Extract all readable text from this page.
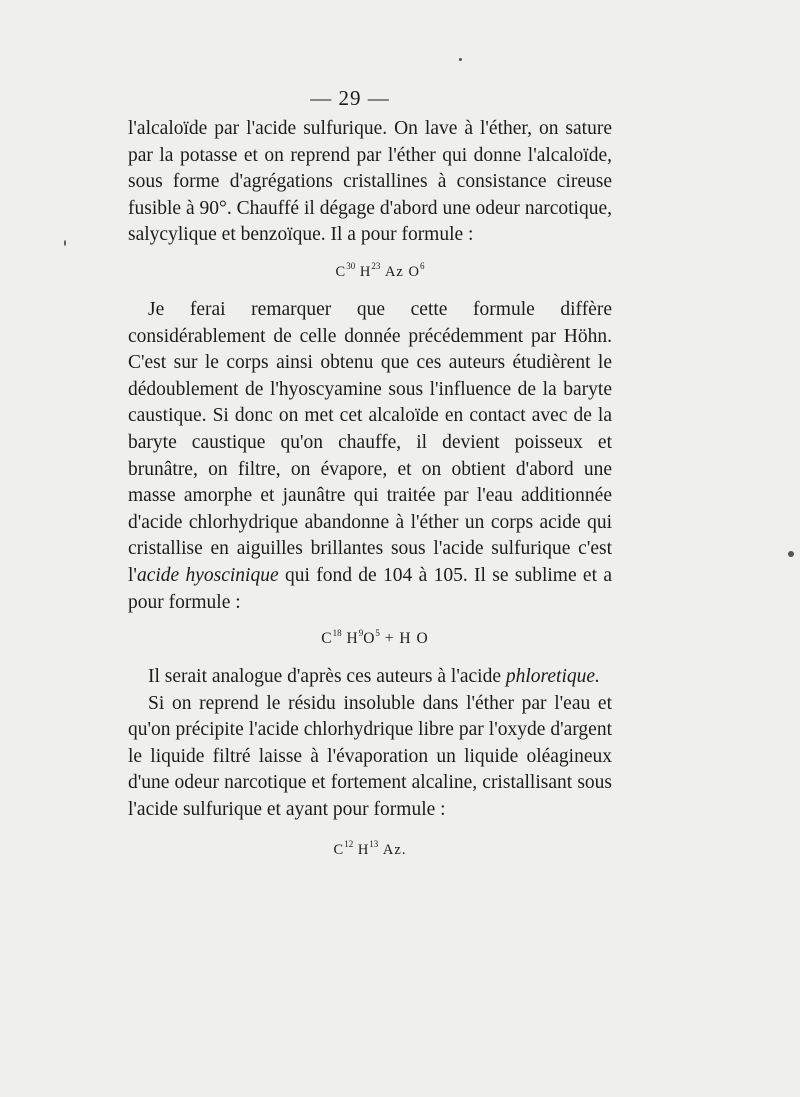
— 29 —

l'alcaloïde par l'acide sulfurique. On lave à l'éther, on sature par la potasse et on reprend par l'éther qui donne l'alcaloïde, sous forme d'agrégations cristallines à consistance cireuse fusible à 90°. Chauffé il dégage d'abord une odeur narcotique, salycylique et benzoïque. Il a pour formule :

$C^{30}$ $H^{23}$ Az $O^6$

Je ferai remarquer que cette formule diffère considérablement de celle donnée précédemment par Höhn. C'est sur le corps ainsi obtenu que ces auteurs étudièrent le dédoublement de l'hyoscyamine sous l'influence de la baryte caustique. Si donc on met cet alcaloïde en contact avec de la baryte caustique qu'on chauffe, il devient poisseux et brunâtre, on filtre, on évapore, et on obtient d'abord une masse amorphe et jaunâtre qui traitée par l'eau additionnée d'acide chlorhydrique abandonne à l'éther un corps acide qui cristallise en aiguilles brillantes sous l'acide sulfurique c'est l'acide hyoscinique qui fond de 104 à 105. Il se sublime et a pour formule :

$C^{18}$ $H^9O^5 + H$ O

Il serait analogue d'après ces auteurs à l'acide phloretique.

Si on reprend le résidu insoluble dans l'éther par l'eau et qu'on précipite l'acide chlorhydrique libre par l'oxyde d'argent le liquide filtré laisse à l'évaporation un liquide oléagineux d'une odeur narcotique et fortement alcaline, cristallisant sous l'acide sulfurique et ayant pour formule :

$C^{12}$ $H^{13}$ Az.
